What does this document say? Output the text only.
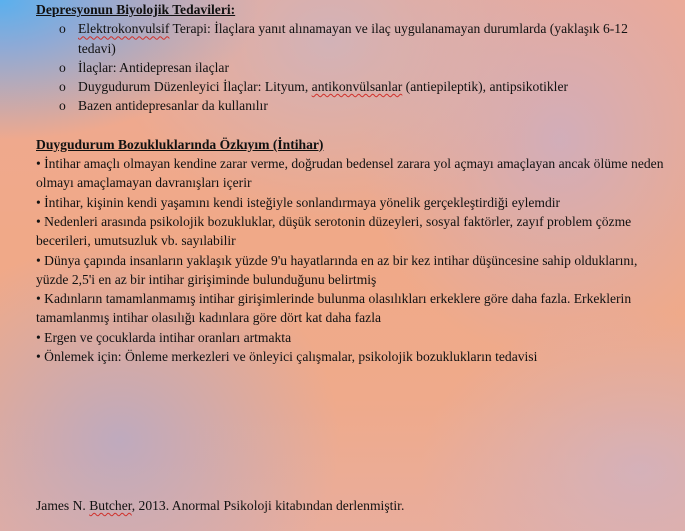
Depresyonun Biyolojik Tedavileri:
o Elektrokonvulsif Terapi: İlaçlara yanıt alınamayan ve ilaç uygulanamayan durumlarda (yaklaşık 6-12 tedavi)
o İlaçlar: Antidepresan ilaçlar
o Duygudurum Düzenleyici İlaçlar: Lityum, antikonvülsanlar (antiepileptik), antipsikotikler
o Bazen antidepresanlar da kullanılır
Duygudurum Bozukluklarında Özkıyım (İntihar)
• İntihar amaçlı olmayan kendine zarar verme, doğrudan bedensel zarara yol açmayı amaçlayan ancak ölüme neden olmayı amaçlamayan davranışları içerir
• İntihar, kişinin kendi yaşamını kendi isteğiyle sonlandırmaya yönelik gerçekleştirdiği eylemdir
• Nedenleri arasında psikolojik bozukluklar, düşük serotonin düzeyleri, sosyal faktörler, zayıf problem çözme becerileri, umutsuzluk vb. sayılabilir
• Dünya çapında insanların yaklaşık yüzde 9'u hayatlarında en az bir kez intihar düşüncesine sahip olduklarını, yüzde 2,5'i en az bir intihar girişiminde bulunduğunu belirtmiş
• Kadınların tamamlanmamış intihar girişimlerinde bulunma olasılıkları erkeklere göre daha fazla. Erkeklerin tamamlanmış intihar olasılığı kadınlara göre dört kat daha fazla
• Ergen ve çocuklarda intihar oranları artmakta
• Önlemek için: Önleme merkezleri ve önleyici çalışmalar, psikolojik bozuklukların tedavisi
James N. Butcher, 2013. Anormal Psikoloji kitabından derlenmiştir.
